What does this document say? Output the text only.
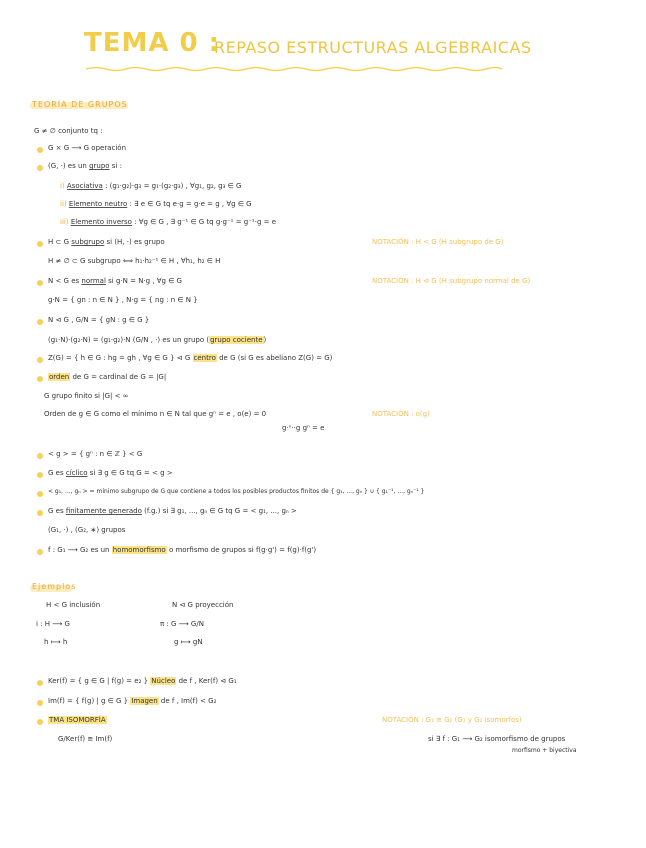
TEMA 0 :
REPASO ESTRUCTURAS ALGEBRAICAS
TEORÍA DE GRUPOS
G ≠ ∅ conjunto tq :
G × G ⟶ G operación
(G, ·) es un grupo si :
i) Asociativa : (g₁·g₂)·g₃ = g₁·(g₂·g₃) , ∀g₁, g₂, g₃ ∈ G
ii) Elemento neutro : ∃ e ∈ G tq e·g = g·e = g , ∀g ∈ G
iii) Elemento inverso : ∀g ∈ G , ∃ g⁻¹ ∈ G tq g·g⁻¹ = g⁻¹·g = e
H ⊂ G subgrupo si (H, ·) es grupo	NOTACIÓN : H < G (H subgrupo de G)
H ≠ ∅ ⊂ G subgrupo ⟺ h₁·h₂⁻¹ ∈ H , ∀h₁, h₂ ∈ H
N < G es normal si g·N = N·g , ∀g ∈ G	NOTACIÓN : H ⊲ G (H subgrupo normal de G)
g·N = { gn : n ∈ N } , N·g = { ng : n ∈ N }
N ⊲ G , G/N = { gN : g ∈ G }
(g₁·N)·(g₂·N) = (g₁·g₂)·N (G/N , ·) es un grupo (grupo cociente)
Z(G) = { h ∈ G : hg = gh , ∀g ∈ G } ⊲ G centro de G (si G es abeliano Z(G) = G)
orden de G = cardinal de G = |G|
G grupo finito si |G| < ∞
Orden de g ∈ G como el mínimo n ∈ N tal que gⁿ = e , o(e) = 0	NOTACIÓN : o(g)
g·ⁿ··g gⁿ = e
< g > = { gⁿ : n ∈ ℤ } < G
G es cíclico si ∃ g ∈ G tq G = < g >
< g₁, ..., gₙ > = mínimo subgrupo de G que contiene a todos los posibles productos finitos de { g₁, ..., gₙ } ∪ { g₁⁻¹, ..., gₙ⁻¹ }
G es finitamente generado (f.g.) si ∃ g₁, ..., gₙ ∈ G tq G = < g₁, ..., gₙ >
(G₁, ·) , (G₂, ∗) grupos
f : G₁ ⟶ G₂ es un homomorfismo o morfismo de grupos si f(g·g') = f(g)·f(g')
Ejemplos
H < G inclusión
i : H ⟶ G
h ⟼ h
N ⊲ G proyección
π : G ⟶ G/N
g ⟼ gN
Ker(f) = { g ∈ G | f(g) = e₂ } Núcleo de f , Ker(f) ⊲ G₁
Im(f) = { f(g) | g ∈ G } Imagen de f , Im(f) < G₂
TMA ISOMORFÍA	NOTACIÓN : G₁ ≅ G₂ (G₁ y G₂ isomorfos)
G/Ker(f) ≅ Im(f)	si ∃ f : G₁ ⟶ G₂ isomorfismo de grupos
morfismo + biyectiva
